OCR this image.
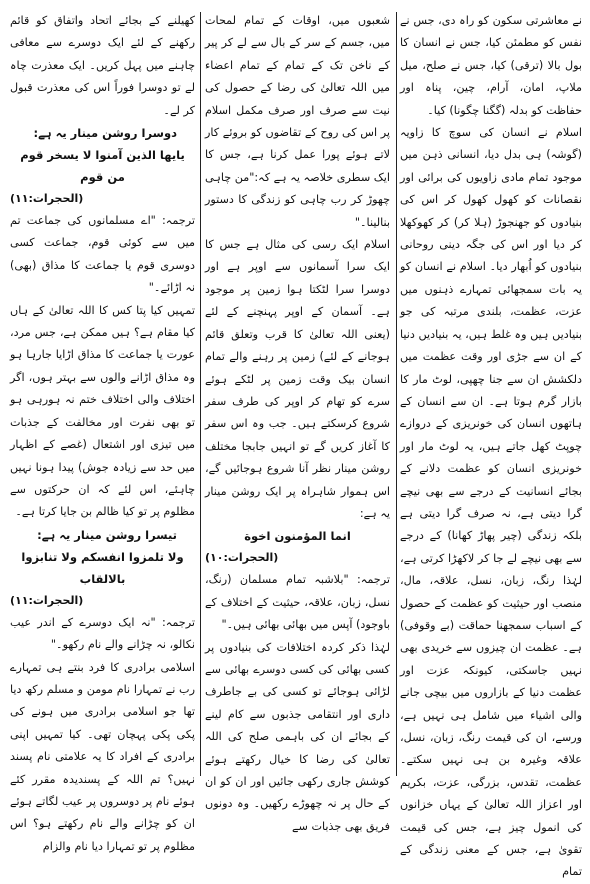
نے معاشرتی سکون کو راہ دی، جس نے نفس کو مطمئن کیا، جس نے انسان کا بول بالا (ترقی) کیا، جس نے صلح، میل ملاپ، امان، آرام، چین، پناہ اور حفاظت کو بدلہ (گگنا چگونا) کیا۔

اسلام نے انسان کی سوچ کا زاویہ (گوشہ) ہی بدل دیا، انسانی ذہن میں موجود تمام مادی زاویوں کی برائی اور نقصانات کو کھول کھول کر اس کی بنیادوں کو جھنجوڑ (ہلا کر) کر کھوکھلا کر دیا اور اس کی جگہ دینی روحانی بنیادوں کو اُبھار دیا۔ اسلام نے انسان کو یہ بات سمجھائی تمہارے ذہنوں میں عزت، عظمت، بلندی مرتبہ کی جو بنیادیں ہیں وہ غلط ہیں، یہ بنیادیں دنیا کے ان سے جڑی اور وقت عظمت میں دلکشش ان سے جنا چھپی، لوٹ مار کا بازار گرم ہوتا ہے۔ ان سے انسان کے ہاتھوں انسان کی خونریزی کے دروازے چوپٹ کھل جاتے ہیں، یہ لوٹ مار اور خونریزی انسان کو عظمت دلانے کے بجائے انسانیت کے درجے سے بھی نیچے گرا دیتی ہے، نہ صرف گرا دیتی ہے بلکہ زندگی (چیر پھاڑ کھانا) کے درجے سے بھی نیچے لے جا کر لاکھڑا کرتی ہے، لہٰذا رنگ، زبان، نسل، علاقہ، مال، منصب اور حیثیت کو عظمت کے حصول کے اسباب سمجھنا حماقت (بے وقوفی) ہے۔ عظمت ان چیزوں سے خریدی بھی نہیں جاسکتی، کیونکہ عزت اور عظمت دنیا کے بازاروں میں بیچی جانے والی اشیاء میں شامل ہی نہیں ہے، ورسے، ان کی قیمت رنگ، زبان، نسل، علاقہ وغیرہ بن ہی نہیں سکتے۔ عظمت، تقدس، بزرگی، عزت، بکریم اور اعزاز اللہ تعالیٰ کے یہاں خزانوں کی انمول چیز ہے، جس کی قیمت تقویٰ ہے، جس کے معنی زندگی کے تمام

شعبوں میں، اوقات کے تمام لمحات میں، جسم کے سر کے بال سے لے کر پیر کے ناخن تک کے تمام کے تمام اعضاء میں اللہ تعالیٰ کی رضا کے حصول کی نیت سے صرف اور صرف مکمل اسلام پر اس کی روح کے تقاضوں کو بروئے کار لاتے ہوئے پورا عمل کرنا ہے، جس کا ایک سطری خلاصہ یہ ہے کہ:"من چاہی چھوڑ کر رب چاہی کو زندگی کا دستور بنالینا۔"

اسلام ایک رسی کی مثال ہے جس کا ایک سرا آسمانوں سے اوپر ہے اور دوسرا سرا لٹکتا ہوا زمین پر موجود ہے۔ آسمان کے اوپر پہنچنے کے لئے (یعنی اللہ تعالیٰ کا قرب وتعلق قائم ہوجانے کے لئے) زمین پر رہنے والے تمام انسان بیک وقت زمین پر لٹکے ہوئے سرے کو تھام کر اوپر کی طرف سفر شروع کرسکتے ہیں۔ جب وہ اس سفر کا آغاز کریں گے تو انہیں جابجا مختلف روشن مینار نظر آنا شروع ہوجائیں گے، اس ہموار شاہراہ پر ایک روشن مینار یہ ہے:

انما المؤمنون اخوة

(الحجرات:۱۰)

ترجمہ: "بلاشبہ تمام مسلمان (رنگ، نسل، زبان، علاقہ، حیثیت کے اختلاف کے باوجود) آپس میں بھائی بھائی ہیں۔"

لہٰذا ذکر کردہ اختلافات کی بنیادوں پر کسی بھائی کی کسی دوسرے بھائی سے لڑائی ہوجائے تو کسی کی بے جاطرف داری اور انتقامی جذبوں سے کام لینے کے بجائے ان کی باہمی صلح کی اللہ تعالیٰ کی رضا کا خیال رکھتے ہوئے کوشش جاری رکھی جائیں اور ان کو ان کے حال پر نہ چھوڑے رکھیں۔ وہ دونوں فریق بھی جذبات سے

کھیلنے کے بجائے اتحاد واتفاق کو قائم رکھنے کے لئے ایک دوسرے سے معافی چاہنے میں پہل کریں۔ ایک معذرت چاہ لے تو دوسرا فوراً اس کی معذرت قبول کر لے۔

دوسرا روشن مینار یہ ہے:

یایھا الذین آمنوا لا یسخر قوم من قوم

(الحجرات:۱۱)

ترجمہ: "اے مسلمانوں کی جماعت تم میں سے کوئی قوم، جماعت کسی دوسری قوم یا جماعت کا مذاق (بھی) نہ اڑائے۔"

تمہیں کیا پتا کس کا اللہ تعالیٰ کے ہاں کیا مقام ہے؟ ہیں ممکن ہے، جس مرد، عورت یا جماعت کا مذاق اڑایا جارہا ہو وہ مذاق اڑانے والوں سے بہتر ہوں، اگر اختلاف والی اختلاف ختم نہ ہورہی ہو تو بھی نفرت اور مخالفت کے جذبات میں تیزی اور اشتعال (غصے کے اظہار میں حد سے زیادہ جوش) پیدا ہونا نہیں چاہئے، اس لئے کہ ان حرکتوں سے مظلوم پر تو کیا ظالم بن جایا کرتا ہے۔

تیسرا روشن مینار یہ ہے:

ولا تلمزوا انفسکم ولا تنابزوا بالالقاب

(الحجرات:۱۱)

ترجمہ: "نہ ایک دوسرے کے اندر عیب نکالو، نہ چڑانے والے نام رکھو۔"

اسلامی برادری کا فرد بنتے ہی تمہارے رب نے تمہارا نام مومن و مسلم رکھ دیا تھا جو اسلامی برادری میں ہونے کی پکی پکی پہچان تھی۔ کیا تمہیں اپنی برادری کے افراد کا یہ علامتی نام پسند نہیں؟ تم اللہ کے پسندیدہ مقرر کئے ہوئے نام پر دوسروں پر عیب لگاتے ہوئے ان کو چڑانے والے نام رکھتے ہو؟ اس مظلوم پر تو تمہارا دیا نام والزام
